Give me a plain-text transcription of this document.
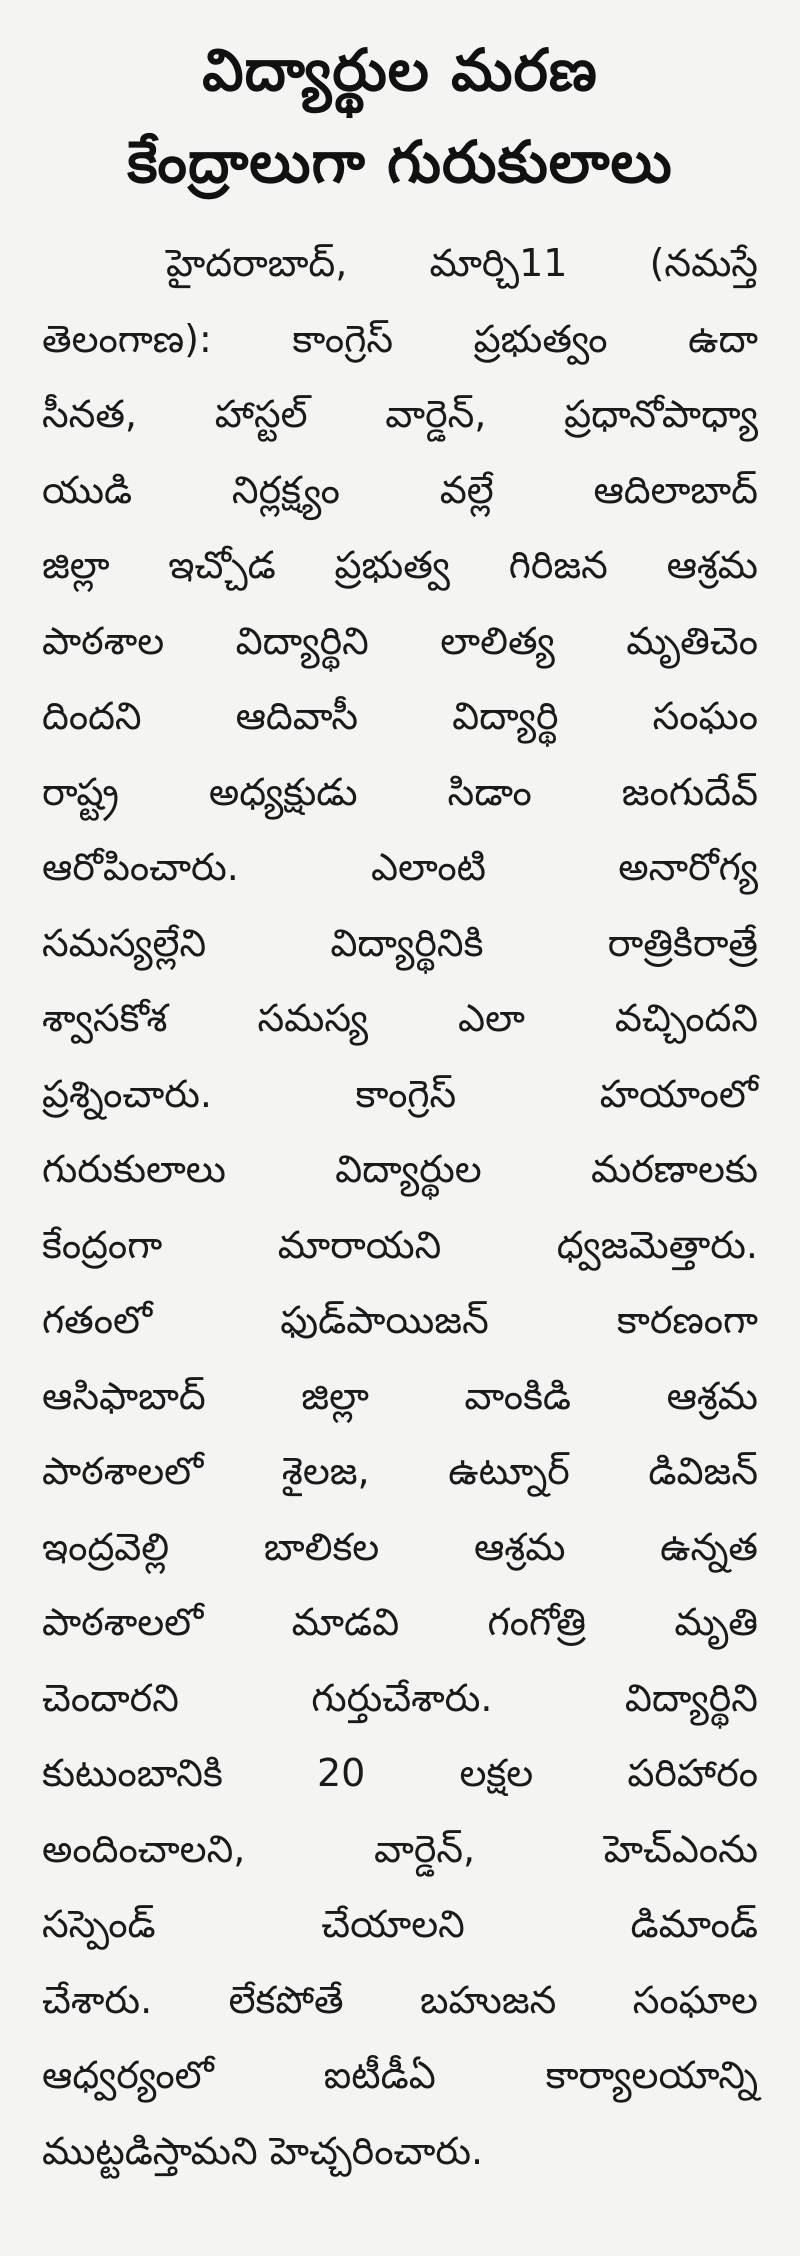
విద్యార్థుల మరణ
కేంద్రాలుగా గురుకులాలు
హైదరాబాద్, మార్చి11 (నమస్తే
తెలంగాణ): కాంగ్రెస్ ప్రభుత్వం ఉదా
సీనత, హాస్టల్ వార్డెన్, ప్రధానోపాధ్యా
యుడి నిర్లక్ష్యం వల్లే ఆదిలాబాద్
జిల్లా ఇచ్చోడ ప్రభుత్వ గిరిజన ఆశ్రమ
పాఠశాల విద్యార్థిని లాలిత్య మృతిచెం
దిందని ఆదివాసీ విద్యార్థి సంఘం
రాష్ట్ర అధ్యక్షుడు సిడాం జంగుదేవ్
ఆరోపించారు. ఎలాంటి అనారోగ్య
సమస్యల్లేని విద్యార్థినికి రాత్రికిరాత్రే
శ్వాసకోశ సమస్య ఎలా వచ్చిందని
ప్రశ్నించారు. కాంగ్రెస్ హయాంలో
గురుకులాలు విద్యార్థుల మరణాలకు
కేంద్రంగా మారాయని ధ్వజమెత్తారు.
గతంలో ఫుడ్‌పాయిజన్ కారణంగా
ఆసిఫాబాద్ జిల్లా వాంకిడి ఆశ్రమ
పాఠశాలలో శైలజ, ఉట్నూర్ డివిజన్
ఇంద్రవెల్లి బాలికల ఆశ్రమ ఉన్నత
పాఠశాలలో మాడవి గంగోత్రి మృతి
చెందారని గుర్తుచేశారు. విద్యార్థిని
కుటుంబానికి 20 లక్షల పరిహారం
అందించాలని, వార్డెన్, హెచ్ఎంను
సస్పెండ్ చేయాలని డిమాండ్
చేశారు. లేకపోతే బహుజన సంఘాల
ఆధ్వర్యంలో ఐటీడీఏ కార్యాలయాన్ని
ముట్టడిస్తామని హెచ్చరించారు.
